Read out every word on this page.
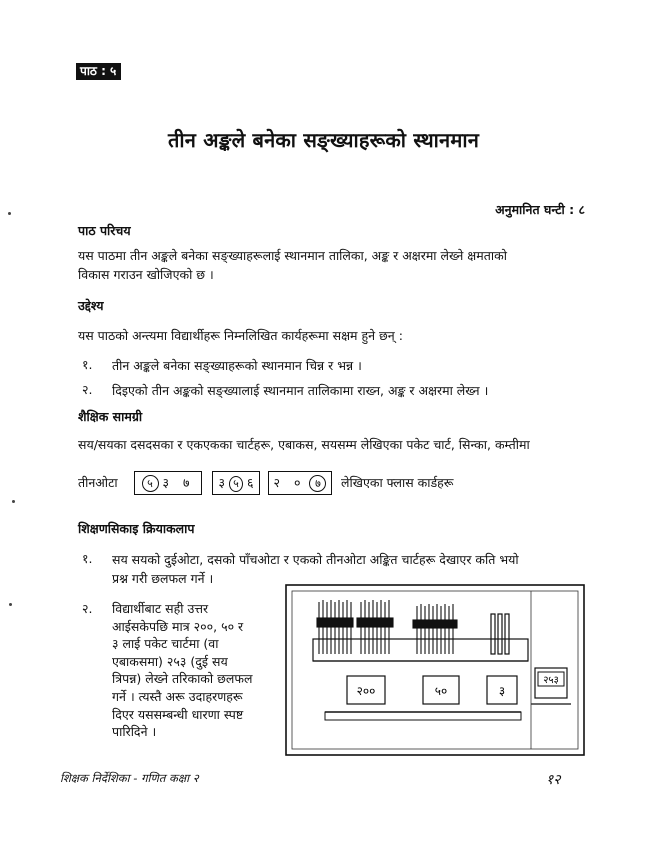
पाठ : ५
तीन अङ्कले बनेका सङ्ख्याहरूको स्थानमान
अनुमानित घन्टी : ८
पाठ परिचय
यस पाठमा तीन अङ्कले बनेका सङ्ख्याहरूलाई स्थानमान तालिका, अङ्क र अक्षरमा लेख्ने क्षमताको
विकास गराउन खोजिएको छ ।
उद्देश्य
यस पाठको अन्त्यमा विद्यार्थीहरू निम्नलिखित कार्यहरूमा सक्षम हुने छन् :
१. तीन अङ्कले बनेका सङ्ख्याहरूको स्थानमान चिन्न र भन्न ।
२. दिइएको तीन अङ्कको सङ्ख्यालाई स्थानमान तालिकामा राख्न, अङ्क र अक्षरमा लेख्न ।
शैक्षिक सामग्री
सय/सयका दसदसका र एकएकका चार्टहरू, एबाकस, सयसम्म लेखिएका पकेट चार्ट, सिन्का, कम्तीमा
तीनओटा	५ ३ ७	३ ५ ६	२ ० ७	लेखिएका फ्लास कार्डहरू
शिक्षणसिकाइ क्रियाकलाप
१. सय सयको दुईओटा, दसको पाँचओटा र एकको तीनओटा अङ्कित चार्टहरू देखाएर कति भयो
प्रश्न गरी छलफल गर्ने ।
२. विद्यार्थीबाट सही उत्तर
आईसकेपछि मात्र २००, ५० र
३ लाई पकेट चार्टमा (वा
एबाकसमा) २५३ (दुई सय
त्रिपन्न) लेख्ने तरिकाको छलफल
गर्ने । त्यस्तै अरू उदाहरणहरू
दिएर यससम्बन्धी धारणा स्पष्ट
पारिदिने ।
२००	५०	३
२५३
शिक्षक निर्देशिका - गणित कक्षा २	१२
